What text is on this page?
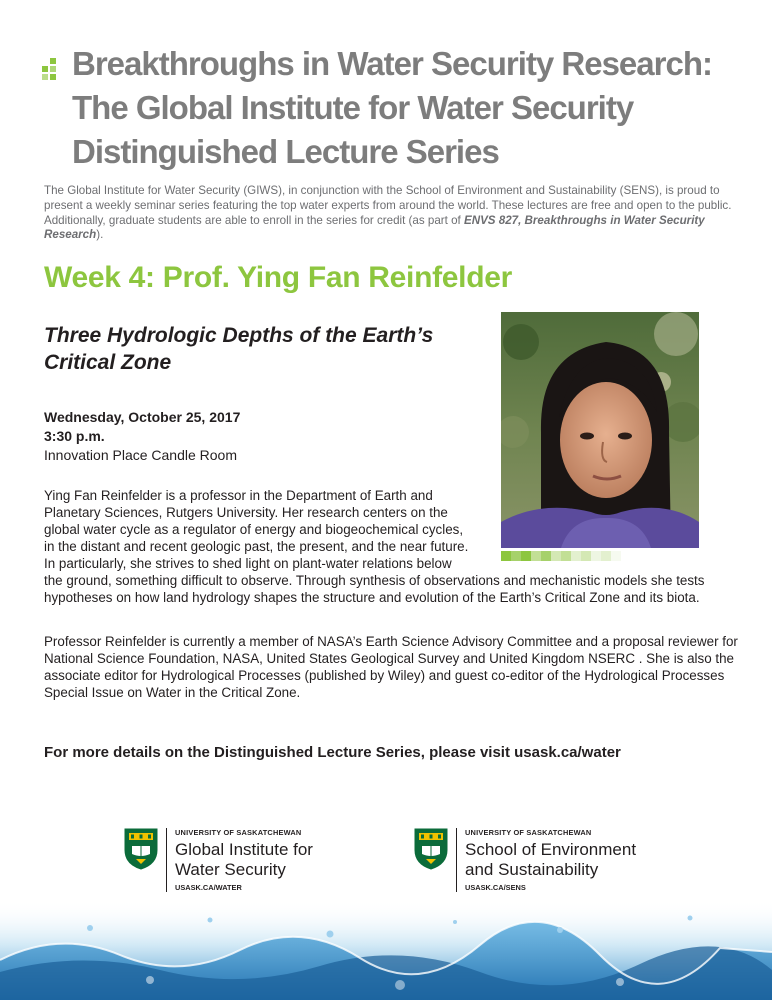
Breakthroughs in Water Security Research:
The Global Institute for Water Security
Distinguished Lecture Series

The Global Institute for Water Security (GIWS), in conjunction with the School of Environment and Sustainability (SENS), is proud to present a weekly seminar series featuring the top water experts from around the world. These lectures are free and open to the public. Additionally, graduate students are able to enroll in the series for credit (as part of ENVS 827, Breakthroughs in Water Security Research).

Week 4: Prof. Ying Fan Reinfelder
Three Hydrologic Depths of the Earth’s Critical Zone
Wednesday, October 25, 2017
3:30 p.m.
Innovation Place Candle Room

Ying Fan Reinfelder is a professor in the Department of Earth and
Planetary Sciences, Rutgers University. Her research centers on the
global water cycle as a regulator of energy and biogeochemical cycles,
in the distant and recent geologic past, the present, and the near future.
In particularly, she strives to shed light on plant-water relations below
the ground, something difficult to observe. Through synthesis of observations and mechanistic models she tests
hypotheses on how land hydrology shapes the structure and evolution of the Earth’s Critical Zone and its biota.

Professor Reinfelder is currently a member of NASA’s Earth Science Advisory Committee and a proposal reviewer for National Science Foundation, NASA, United States Geological Survey and United Kingdom NSERC . She is also the associate editor for Hydrological Processes (published by Wiley) and guest co-editor of the Hydrological Processes Special Issue on Water in the Critical Zone.

For more details on the Distinguished Lecture Series, please visit usask.ca/water

UNIVERSITY OF SASKATCHEWAN
Global Institute for
Water Security
USASK.CA/WATER
UNIVERSITY OF SASKATCHEWAN
School of Environment
and Sustainability
USASK.CA/SENS
